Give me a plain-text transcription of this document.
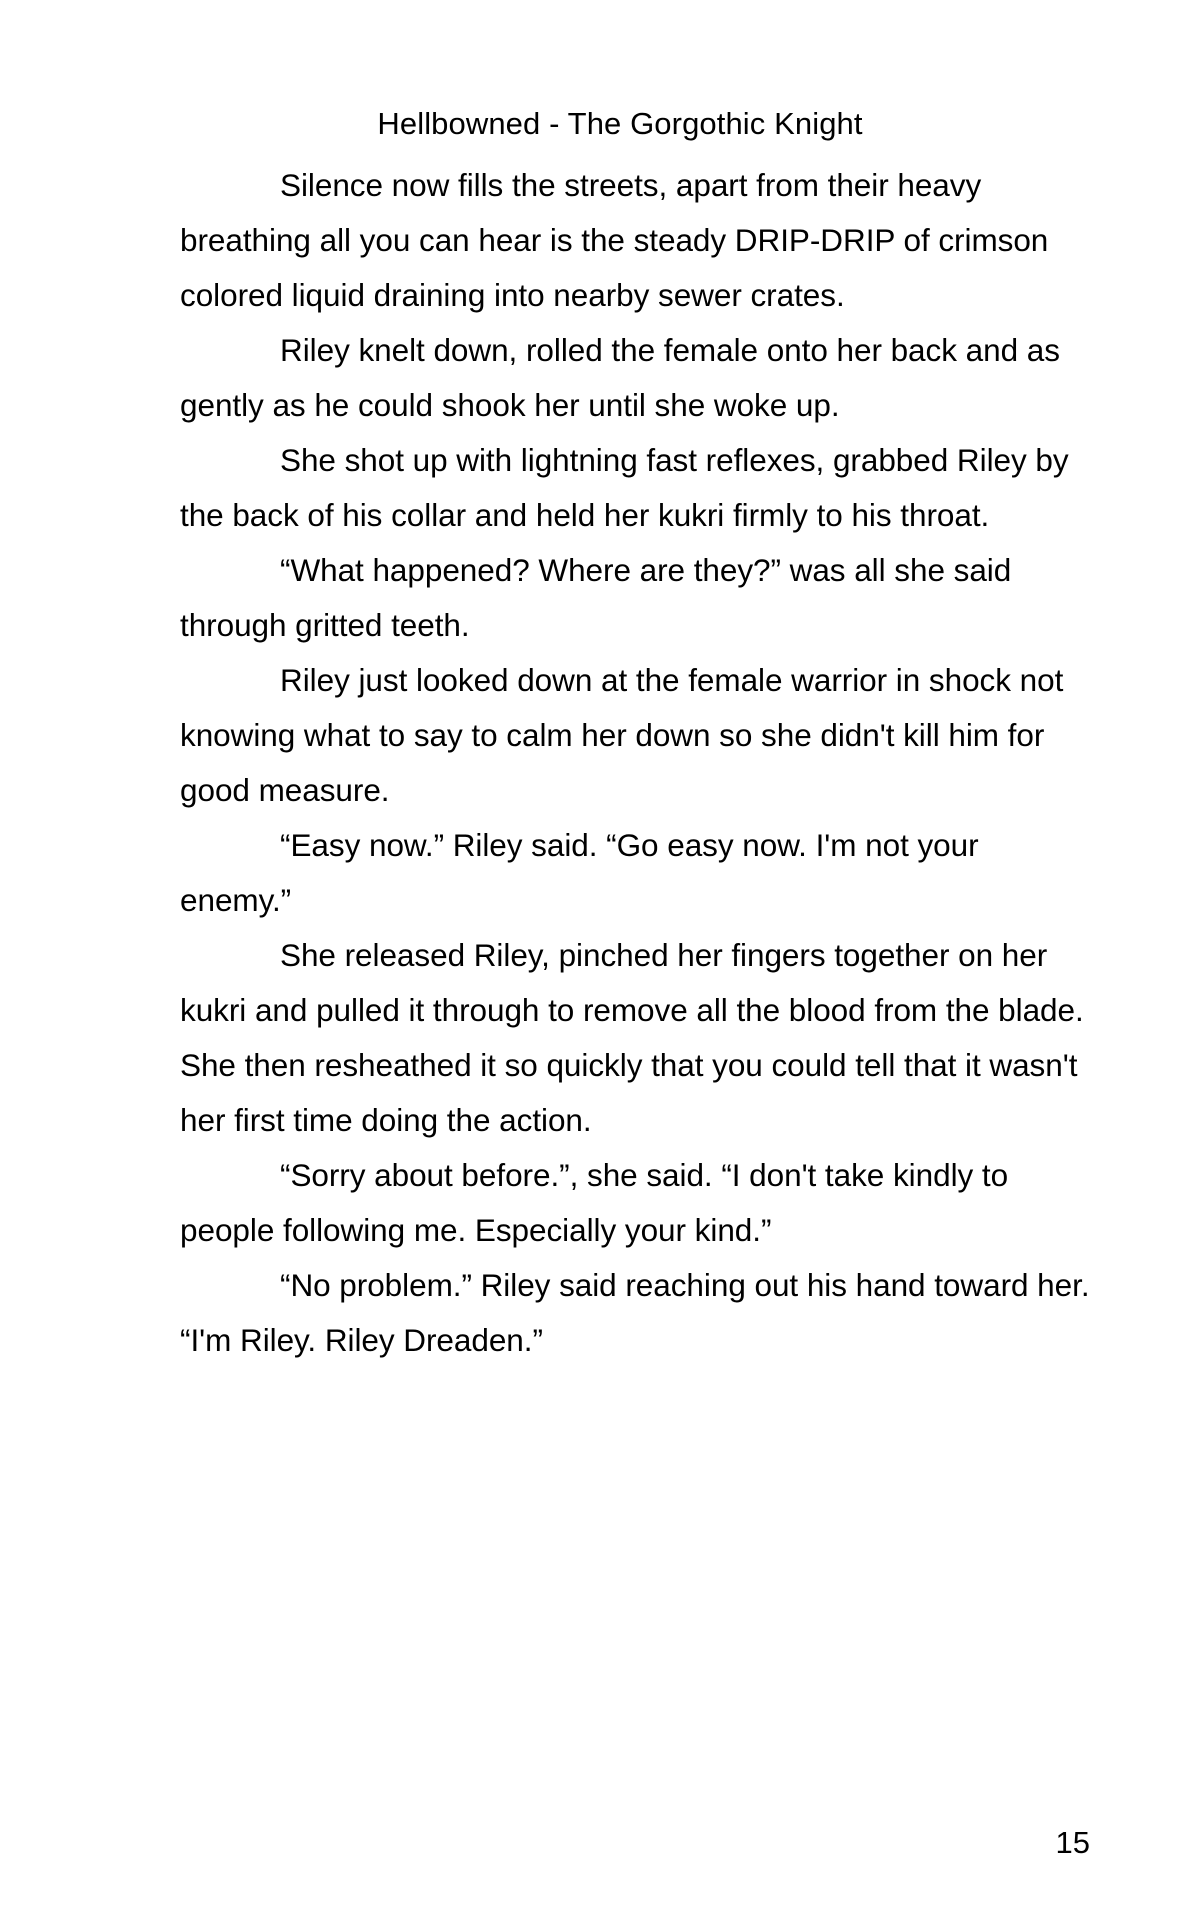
Hellbowned - The Gorgothic Knight

Silence now fills the streets, apart from their heavy breathing all you can hear is the steady DRIP-DRIP of crimson colored liquid draining into nearby sewer crates.

Riley knelt down, rolled the female onto her back and as gently as he could shook her until she woke up.

She shot up with lightning fast reflexes, grabbed Riley by the back of his collar and held her kukri firmly to his throat.

“What happened? Where are they?” was all she said through gritted teeth.

Riley just looked down at the female warrior in shock not knowing what to say to calm her down so she didn't kill him for good measure.

“Easy now.” Riley said. “Go easy now. I'm not your enemy.”

She released Riley, pinched her fingers together on her kukri and pulled it through to remove all the blood from the blade. She then resheathed it so quickly that you could tell that it wasn't her first time doing the action.

“Sorry about before.”, she said. “I don't take kindly to people following me. Especially your kind.”

“No problem.” Riley said reaching out his hand toward her. “I'm Riley. Riley Dreaden.”

15
